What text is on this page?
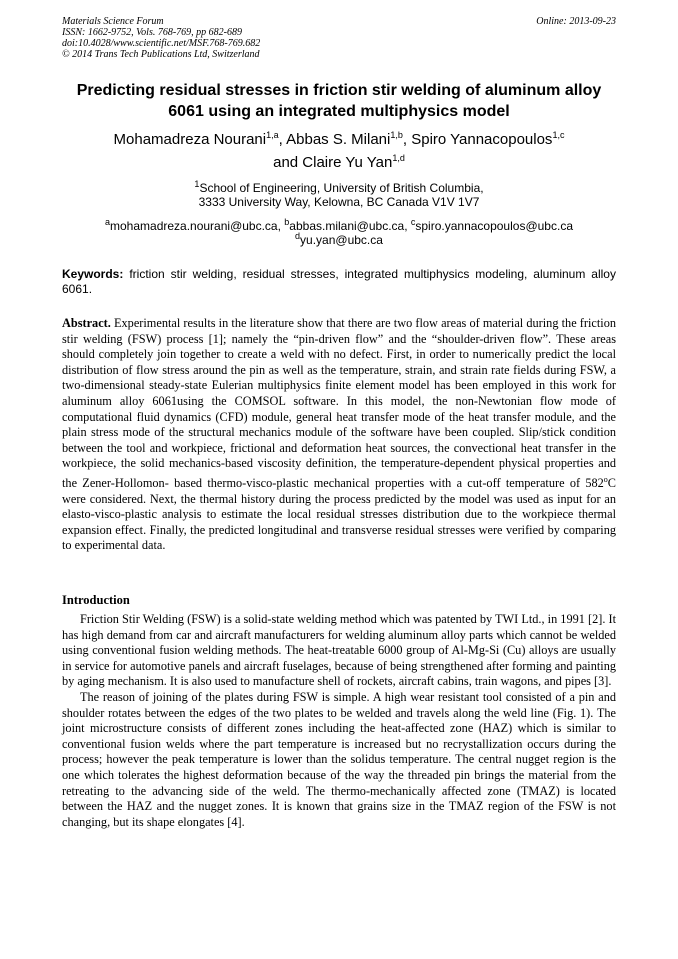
Materials Science Forum
ISSN: 1662-9752, Vols. 768-769, pp 682-689
doi:10.4028/www.scientific.net/MSF.768-769.682
© 2014 Trans Tech Publications Ltd, Switzerland
Online: 2013-09-23
Predicting residual stresses in friction stir welding of aluminum alloy 6061 using an integrated multiphysics model
Mohamadreza Nourani$^{1,a}$, Abbas S. Milani$^{1,b}$, Spiro Yannacopoulos$^{1,c}$
and Claire Yu Yan$^{1,d}$
$^1$School of Engineering, University of British Columbia,
3333 University Way, Kelowna, BC Canada V1V 1V7
$^a$mohamadreza.nourani@ubc.ca, $^b$abbas.milani@ubc.ca, $^c$spiro.yannacopoulos@ubc.ca
$^d$yu.yan@ubc.ca
Keywords: friction stir welding, residual stresses, integrated multiphysics modeling, aluminum alloy 6061.
Abstract. Experimental results in the literature show that there are two flow areas of material during the friction stir welding (FSW) process [1]; namely the “pin-driven flow” and the “shoulder-driven flow”. These areas should completely join together to create a weld with no defect. First, in order to numerically predict the local distribution of flow stress around the pin as well as the temperature, strain, and strain rate fields during FSW, a two-dimensional steady-state Eulerian multiphysics finite element model has been employed in this work for aluminum alloy 6061using the COMSOL software. In this model, the non-Newtonian flow mode of computational fluid dynamics (CFD) module, general heat transfer mode of the heat transfer module, and the plain stress mode of the structural mechanics module of the software have been coupled. Slip/stick condition between the tool and workpiece, frictional and deformation heat sources, the convectional heat transfer in the workpiece, the solid mechanics-based viscosity definition, the temperature-dependent physical properties and the Zener-Hollomon- based thermo-visco-plastic mechanical properties with a cut-off temperature of 582$^o$C were considered. Next, the thermal history during the process predicted by the model was used as input for an elasto-visco-plastic analysis to estimate the local residual stresses distribution due to the workpiece thermal expansion effect. Finally, the predicted longitudinal and transverse residual stresses were verified by comparing to experimental data.
Introduction

Friction Stir Welding (FSW) is a solid-state welding method which was patented by TWI Ltd., in 1991 [2]. It has high demand from car and aircraft manufacturers for welding aluminum alloy parts which cannot be welded using conventional fusion welding methods. The heat-treatable 6000 group of Al-Mg-Si (Cu) alloys are usually in service for automotive panels and aircraft fuselages, because of being strengthened after forming and painting by aging mechanism. It is also used to manufacture shell of rockets, aircraft cabins, train wagons, and pipes [3].

The reason of joining of the plates during FSW is simple. A high wear resistant tool consisted of a pin and shoulder rotates between the edges of the two plates to be welded and travels along the weld line (Fig. 1). The joint microstructure consists of different zones including the heat-affected zone (HAZ) which is similar to conventional fusion welds where the part temperature is increased but no recrystallization occurs during the process; however the peak temperature is lower than the solidus temperature. The central nugget region is the one which tolerates the highest deformation because of the way the threaded pin brings the material from the retreating to the advancing side of the weld. The thermo-mechanically affected zone (TMAZ) is located between the HAZ and the nugget zones. It is known that grains size in the TMAZ region of the FSW is not changing, but its shape elongates [4].
